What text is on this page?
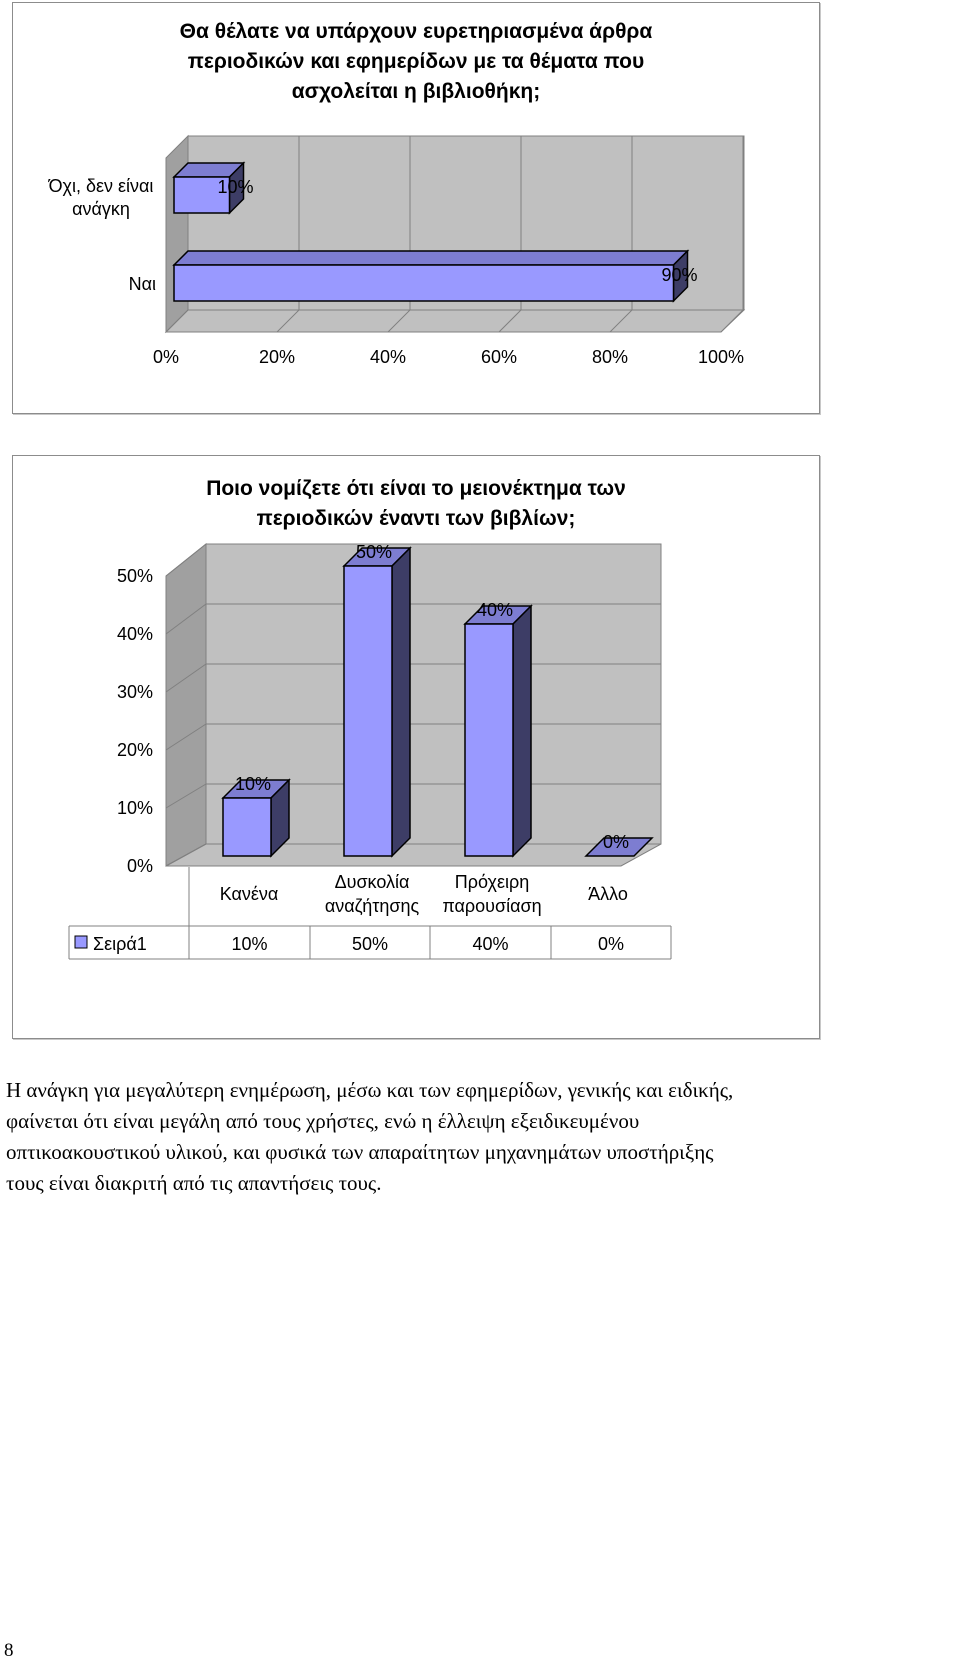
Θα θέλατε να υπάρχουν ευρετηριασμένα άρθρα
περιοδικών και εφημερίδων με τα θέματα που
ασχολείται η βιβλιοθήκη;
0%	20%	40%	60%	80%	100%
10%
90%
Όχι, δεν είναι
ανάγκη
Ναι
Ποιο νομίζετε ότι είναι το μειονέκτημα των
περιοδικών έναντι των βιβλίων;
0%
10%
20%
30%
40%
50%
10%
50%
40%
0%
Κανένα
Δυσκολία
αναζήτησης
Πρόχειρη
παρουσίαση
Άλλο
Σειρά1	10%	50%	40%	0%
Η ανάγκη για μεγαλύτερη ενημέρωση, μέσω και των εφημερίδων, γενικής και ειδικής,
φαίνεται ότι είναι μεγάλη από τους χρήστες, ενώ η έλλειψη εξειδικευμένου
οπτικοακουστικού υλικού, και φυσικά των απαραίτητων μηχανημάτων υποστήριξης
τους είναι διακριτή από τις απαντήσεις τους.
8
